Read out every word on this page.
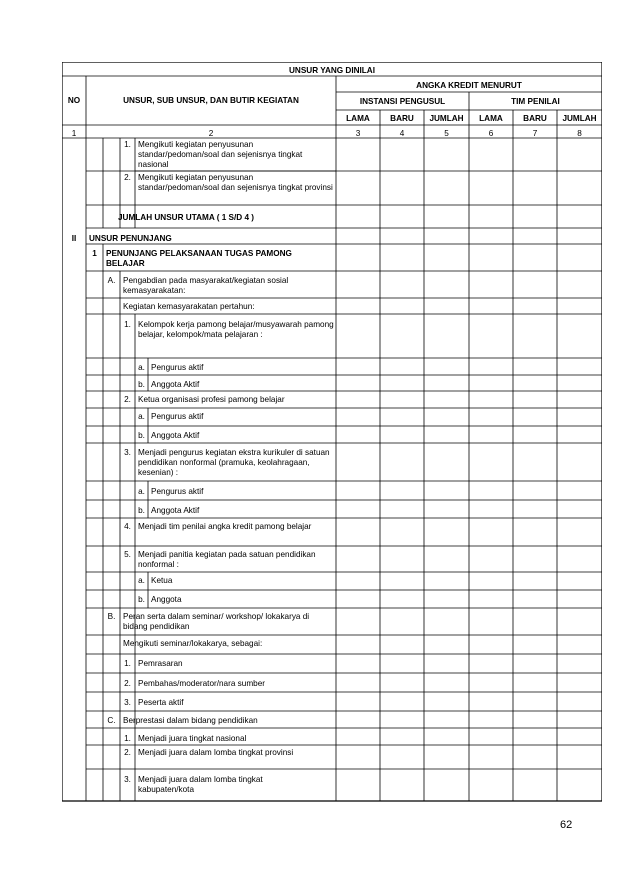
UNSUR YANG DINILAI
NO	UNSUR, SUB UNSUR, DAN BUTIR KEGIATAN
ANGKA KREDIT MENURUT
INSTANSI PENGUSUL	TIM PENILAI
LAMA	BARU	JUMLAH	LAMA	BARU	JUMLAH
1	2	3	4	5	6	7	8
1. Mengikuti kegiatan penyusunan standar/pedoman/soal dan sejenisnya tingkat nasional
2. Mengikuti kegiatan penyusunan standar/pedoman/soal dan sejenisnya tingkat provinsi
JUMLAH UNSUR UTAMA ( 1 S/D 4 )
II	UNSUR PENUNJANG
1	PENUNJANG PELAKSANAAN TUGAS PAMONG BELAJAR
A. Pengabdian pada masyarakat/kegiatan sosial kemasyarakatan:
Kegiatan kemasyarakatan pertahun:
1. Kelompok kerja pamong belajar/musyawarah pamong belajar, kelompok/mata pelajaran :
a. Pengurus aktif
b. Anggota Aktif
2. Ketua organisasi profesi pamong belajar
a. Pengurus aktif
b. Anggota Aktif
3. Menjadi pengurus kegiatan ekstra kurikuler di satuan pendidikan nonformal (pramuka, keolahragaan, kesenian) :
a. Pengurus aktif
b. Anggota Aktif
4. Menjadi tim penilai angka kredit pamong belajar
5. Menjadi panitia kegiatan pada satuan pendidikan nonformal :
a. Ketua
b. Anggota
B. Peran serta dalam seminar/ workshop/ lokakarya di bidang pendidikan
Mengikuti seminar/lokakarya, sebagai:
1. Pemrasaran
2. Pembahas/moderator/nara sumber
3. Peserta aktif
C. Berprestasi dalam bidang pendidikan
1. Menjadi juara tingkat nasional
2. Menjadi juara dalam lomba tingkat provinsi
3. Menjadi juara dalam lomba tingkat kabupaten/kota
62
